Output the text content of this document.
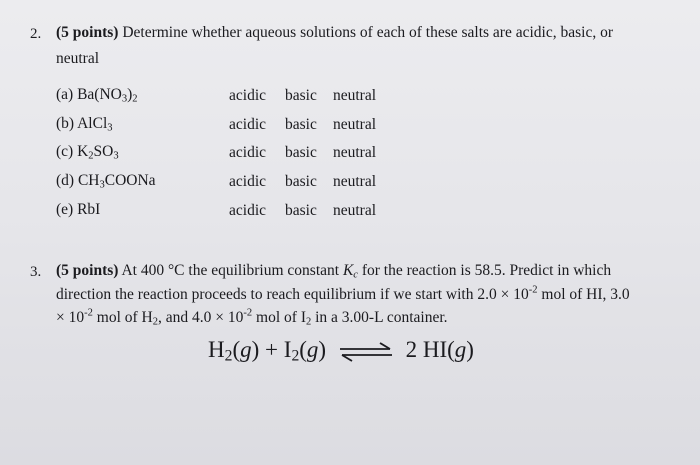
2. (5 points) Determine whether aqueous solutions of each of these salts are acidic, basic, or
neutral
(a) $Ba(NO_3)_2$	acidic basic neutral
(b) AlCl$_3$	acidic basic neutral
(c) $K_2SO_3$	acidic basic neutral
(d) $CH_3COONa$	acidic basic neutral
(e) RbI	acidic basic neutral
3. (5 points) At 400 °C the equilibrium constant $K_c$ for the reaction is 58.5. Predict in which
direction the reaction proceeds to reach equilibrium if we start with $2.0 \times 10^{-2}$ mol of HI, 3.0
× $10^{-2}$ mol of $H_2$, and $4.0 \times 10^{-2}$ mol of $I_2$ in a 3.00-L container.
$H_2(g) + I_2(g)$ ⇌ 2 HI(g)
